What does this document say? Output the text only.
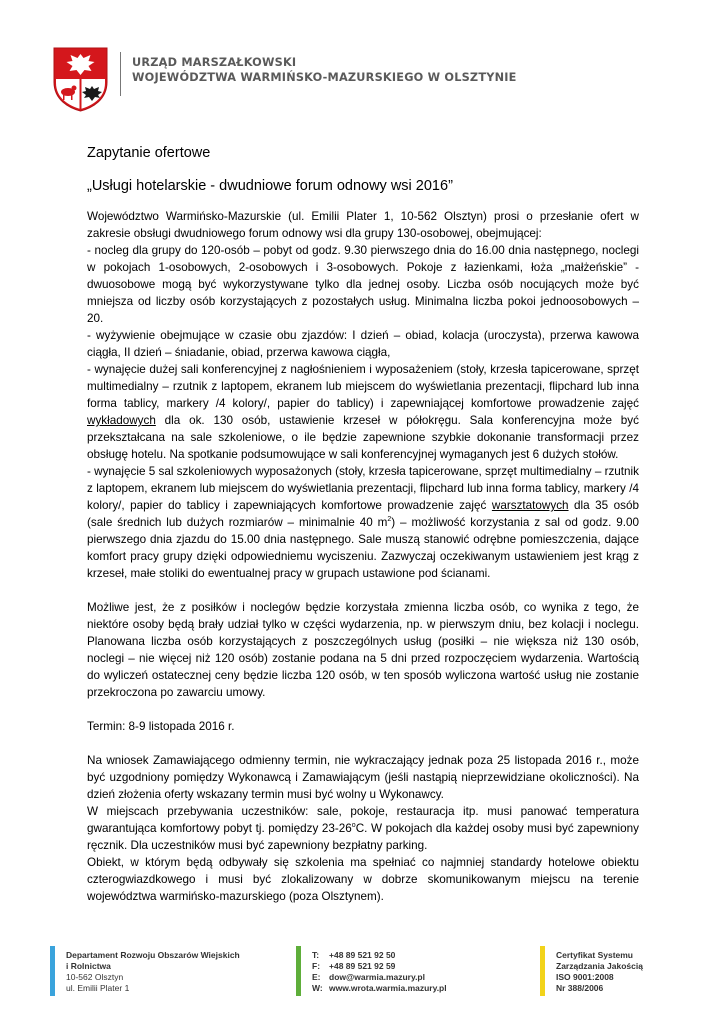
URZĄD MARSZAŁKOWSKI
WOJEWÓDZTWA WARMIŃSKO-MAZURSKIEGO W OLSZTYNIE
Zapytanie ofertowe
„Usługi hotelarskie - dwudniowe forum odnowy wsi 2016”

Województwo Warmińsko-Mazurskie (ul. Emilii Plater 1, 10-562 Olsztyn) prosi o przesłanie ofert w zakresie obsługi dwudniowego forum odnowy wsi dla grupy 130-osobowej, obejmującej:

- nocleg dla grupy do 120-osób – pobyt od godz. 9.30 pierwszego dnia do 16.00 dnia następnego, noclegi w pokojach 1-osobowych, 2-osobowych i 3-osobowych. Pokoje z łazienkami, łoża „małżeńskie” - dwuosobowe mogą być wykorzystywane tylko dla jednej osoby. Liczba osób nocujących może być mniejsza od liczby osób korzystających z pozostałych usług. Minimalna liczba pokoi jednoosobowych – 20.

- wyżywienie obejmujące w czasie obu zjazdów: I dzień – obiad, kolacja (uroczysta), przerwa kawowa ciągła, II dzień – śniadanie, obiad, przerwa kawowa ciągła,

- wynajęcie dużej sali konferencyjnej z nagłośnieniem i wyposażeniem (stoły, krzesła tapicerowane, sprzęt multimedialny – rzutnik z laptopem, ekranem lub miejscem do wyświetlania prezentacji, flipchard lub inna forma tablicy, markery /4 kolory/, papier do tablicy) i zapewniającej komfortowe prowadzenie zajęć wykładowych dla ok. 130 osób, ustawienie krzeseł w półokręgu. Sala konferencyjna może być przekształcana na sale szkoleniowe, o ile będzie zapewnione szybkie dokonanie transformacji przez obsługę hotelu. Na spotkanie podsumowujące w sali konferencyjnej wymaganych jest 6 dużych stołów.

- wynajęcie 5 sal szkoleniowych wyposażonych (stoły, krzesła tapicerowane, sprzęt multimedialny – rzutnik z laptopem, ekranem lub miejscem do wyświetlania prezentacji, flipchard lub inna forma tablicy, markery /4 kolory/, papier do tablicy i zapewniających komfortowe prowadzenie zajęć warsztatowych dla 35 osób (sale średnich lub dużych rozmiarów – minimalnie 40 $m^2$) – możliwość korzystania z sal od godz. 9.00 pierwszego dnia zjazdu do 15.00 dnia następnego. Sale muszą stanowić odrębne pomieszczenia, dające komfort pracy grupy dzięki odpowiedniemu wyciszeniu. Zazwyczaj oczekiwanym ustawieniem jest krąg z krzeseł, małe stoliki do ewentualnej pracy w grupach ustawione pod ścianami.

Możliwe jest, że z posiłków i noclegów będzie korzystała zmienna liczba osób, co wynika z tego, że niektóre osoby będą brały udział tylko w części wydarzenia, np. w pierwszym dniu, bez kolacji i noclegu. Planowana liczba osób korzystających z poszczególnych usług (posiłki – nie większa niż 130 osób, noclegi – nie więcej niż 120 osób) zostanie podana na 5 dni przed rozpoczęciem wydarzenia. Wartością do wyliczeń ostatecznej ceny będzie liczba 120 osób, w ten sposób wyliczona wartość usług nie zostanie przekroczona po zawarciu umowy.

Termin: 8-9 listopada 2016 r.

Na wniosek Zamawiającego odmienny termin, nie wykraczający jednak poza 25 listopada 2016 r., może być uzgodniony pomiędzy Wykonawcą i Zamawiającym (jeśli nastąpią nieprzewidziane okoliczności). Na dzień złożenia oferty wskazany termin musi być wolny u Wykonawcy.

W miejscach przebywania uczestników: sale, pokoje, restauracja itp. musi panować temperatura gwarantująca komfortowy pobyt tj. pomiędzy 23-26$^o$C. W pokojach dla każdej osoby musi być zapewniony ręcznik. Dla uczestników musi być zapewniony bezpłatny parking.

Obiekt, w którym będą odbywały się szkolenia ma spełniać co najmniej standardy hotelowe obiektu czterogwiazdkowego i musi być zlokalizowany w dobrze skomunikowanym miejscu na terenie województwa warmińsko-mazurskiego (poza Olsztynem).

Departament Rozwoju Obszarów Wiejskich
i Rolnictwa
10-562 Olsztyn
ul. Emilii Plater 1
T: +48 89 521 92 50
F: +48 89 521 92 59
E: dow@warmia.mazury.pl
W: www.wrota.warmia.mazury.pl
Certyfikat Systemu
Zarządzania Jakością
ISO 9001:2008
Nr 388/2006
